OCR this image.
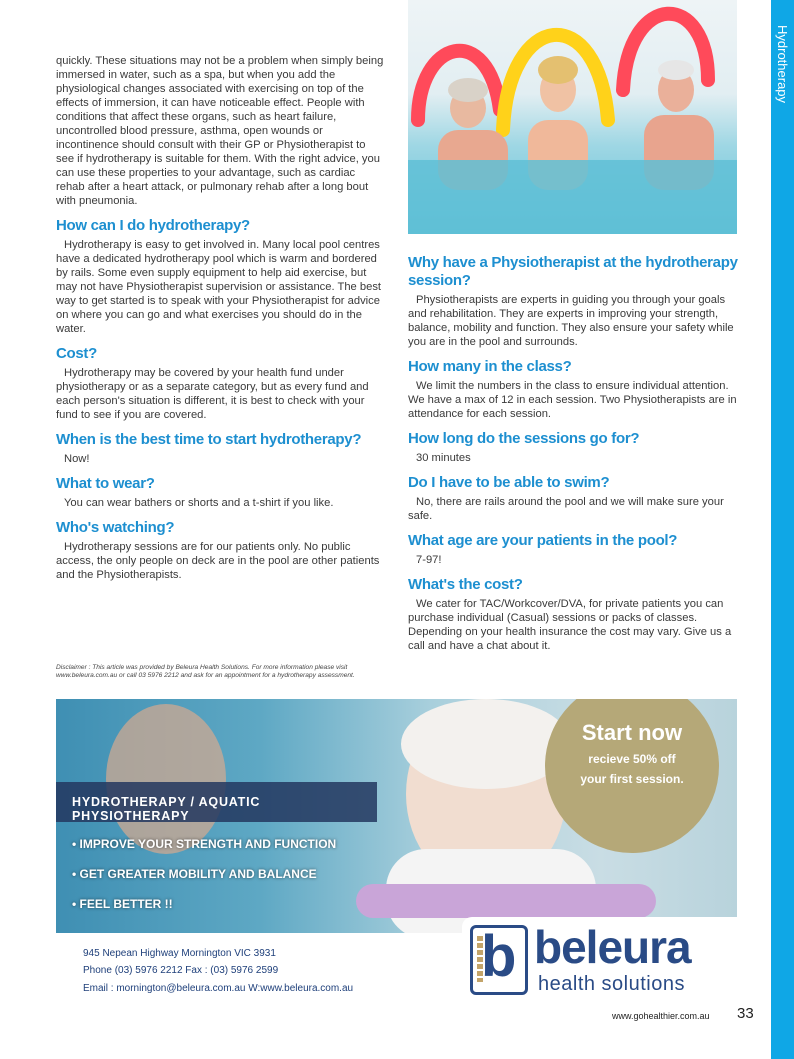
Hydrotherapy

quickly. These situations may not be a problem when simply being immersed in water, such as a spa, but when you add the physiological changes associated with exercising on top of the effects of immersion, it can have noticeable effect. People with conditions that affect these organs, such as heart failure, uncontrolled blood pressure, asthma, open wounds or incontinence should consult with their GP or Physiotherapist to see if hydrotherapy is suitable for them. With the right advice, you can use these properties to your advantage, such as cardiac rehab after a heart attack, or pulmonary rehab after a long bout with pneumonia.

How can I do hydrotherapy?

Hydrotherapy is easy to get involved in. Many local pool centres have a dedicated hydrotherapy pool which is warm and bordered by rails. Some even supply equipment to help aid exercise, but may not have Physiotherapist supervision or assistance. The best way to get started is to speak with your Physiotherapist for advice on where you can go and what exercises you should do in the water.

Cost?

Hydrotherapy may be covered by your health fund under physiotherapy or as a separate category, but as every fund and each person's situation is different, it is best to check with your fund to see if you are covered.

When is the best time to start hydrotherapy?

Now!

What to wear?

You can wear bathers or shorts and a t-shirt if you like.

Who's watching?

Hydrotherapy sessions are for our patients only. No public access, the only people on deck are in the pool are other patients and the Physiotherapists.

Disclaimer : This article was provided by Beleura Health Solutions. For more information please visit www.beleura.com.au or call 03 5976 2212 and ask for an appointment for a hydrotherapy assessment.
Why have a Physiotherapist at the hydrotherapy session?

Physiotherapists are experts in guiding you through your goals and rehabilitation. They are experts in improving your strength, balance, mobility and function. They also ensure your safety while you are in the pool and surrounds.

How many in the class?

We limit the numbers in the class to ensure individual attention. We have a max of 12 in each session. Two Physiotherapists are in attendance for each session.

How long do the sessions go for?

30 minutes

Do I have to be able to swim?

No, there are rails around the pool and we will make sure your safe.

What age are your patients in the pool?

7-97!

What's the cost?

We cater for TAC/Workcover/DVA, for private patients you can purchase individual (Casual) sessions or packs of classes. Depending on your health insurance the cost may vary. Give us a call and have a chat about it.

HYDROTHERAPY / AQUATIC PHYSIOTHERAPY
• IMPROVE YOUR STRENGTH AND FUNCTION
• GET GREATER MOBILITY AND BALANCE
• FEEL BETTER !!
Start now
recieve 50% off
your first session.
945 Nepean Highway Mornington VIC 3931
Phone (03) 5976 2212 Fax : (03) 5976 2599
Email : mornington@beleura.com.au W:www.beleura.com.au b beleura
health solutions
www.gohealthier.com.au 33
